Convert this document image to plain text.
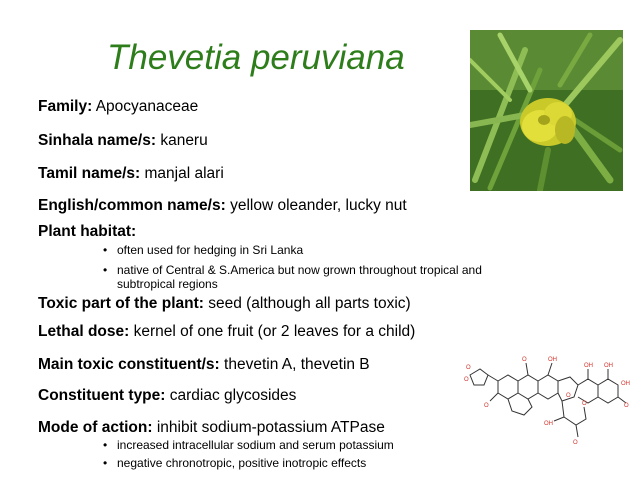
Thevetia peruviana
Family: Apocyanaceae
Sinhala name/s: kaneru
Tamil name/s: manjal alari
English/common name/s: yellow oleander, lucky nut
Plant habitat:
• often used for hedging in Sri Lanka
• native of Central & S.America but now grown throughout tropical and
subtropical regions
Toxic part of the plant: seed (although all parts toxic)
Lethal dose: kernel of one fruit (or 2 leaves for a child)
Main toxic constituent/s: thevetin A, thevetin B
Constituent type: cardiac glycosides
Mode of action: inhibit sodium-potassium ATPase
• increased intracellular sodium and serum potassium
• negative chronotropic, positive inotropic effects
O
O
O	OH
OH OH
OH
O
O
OH
O
O
O
